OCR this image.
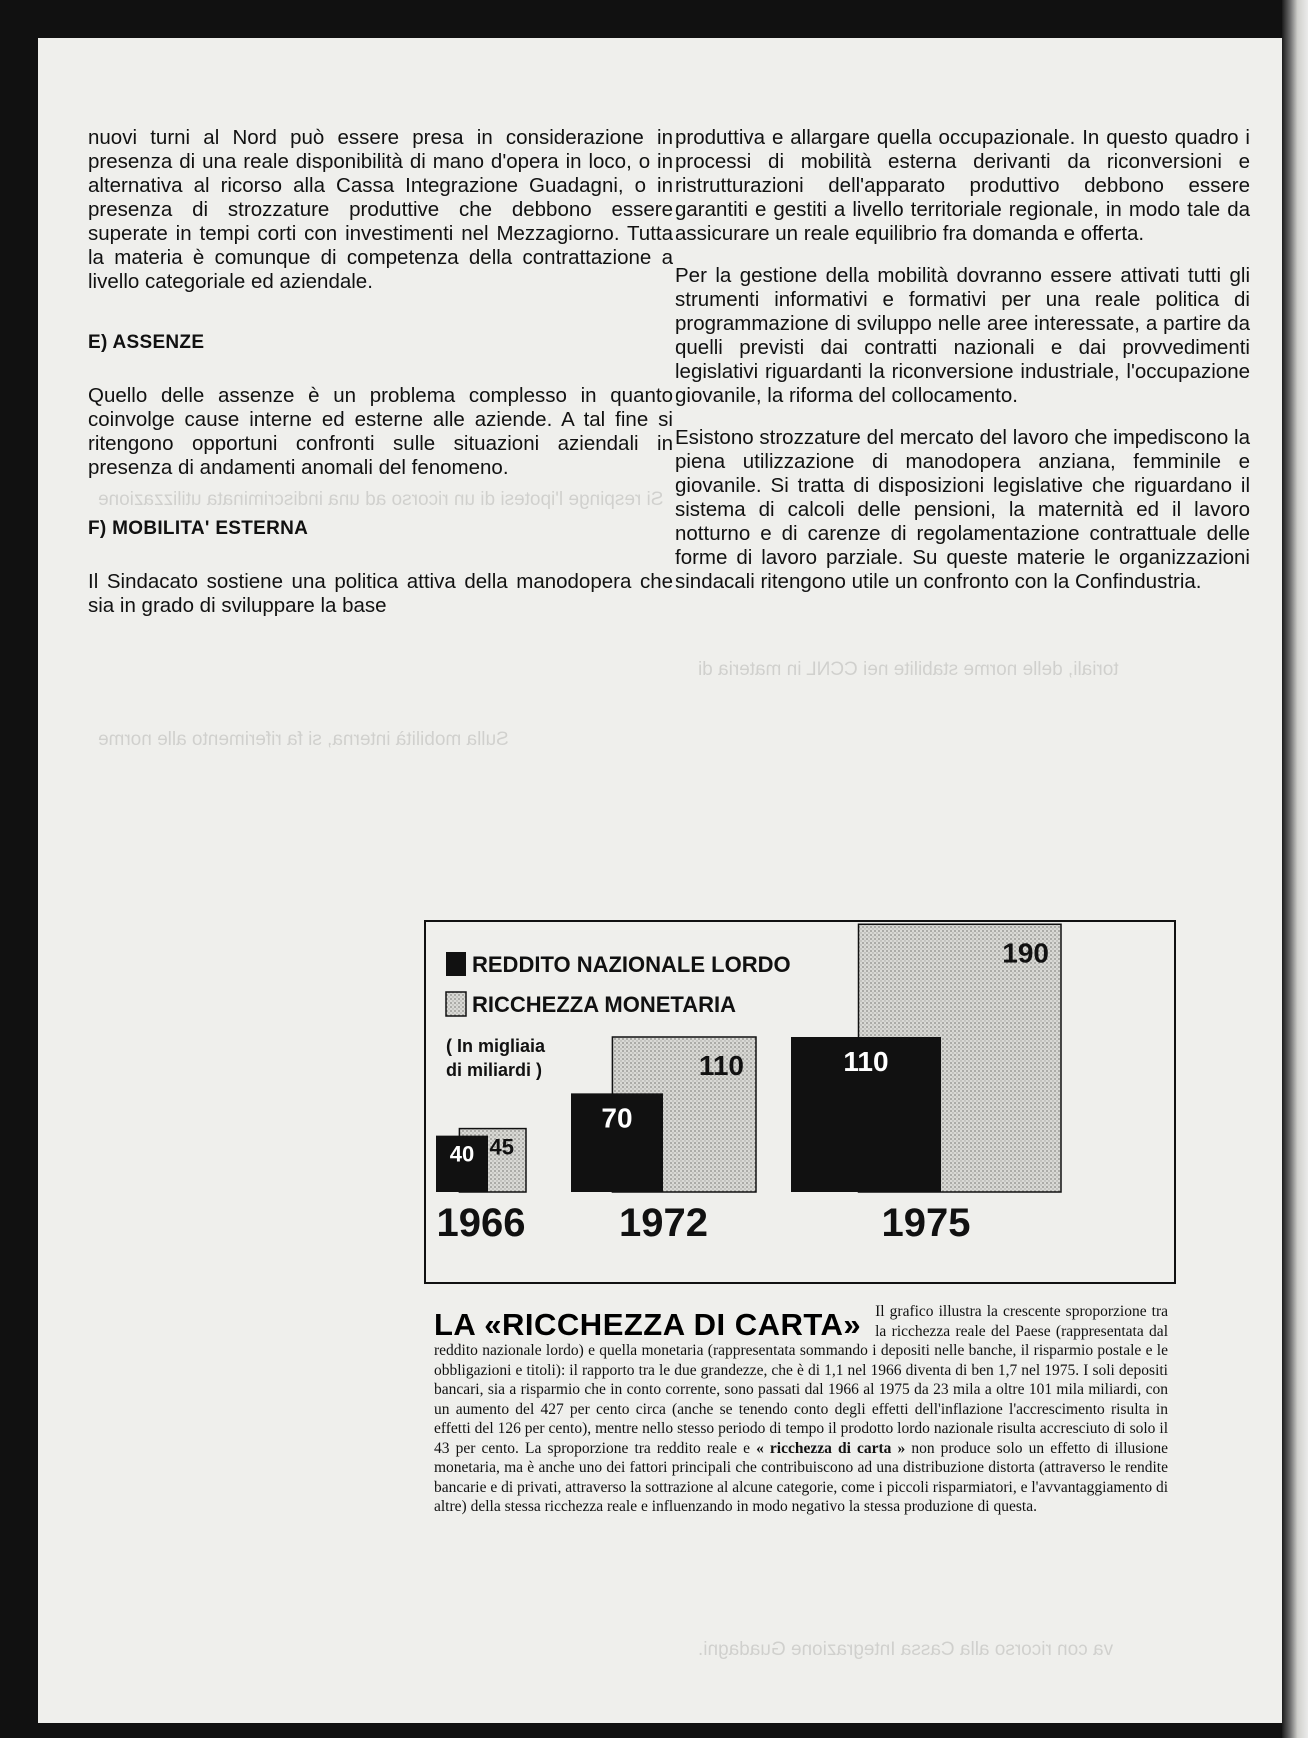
Si respinge l'ipotesi di un ricorso ad una indiscriminata utilizzazione
Sulla mobilità interna, si fa riferimento alle norme
toriali, delle norme stabilite nei CCNL in materia di
va con ricorso alla Cassa Integrazione Guadagni.

nuovi turni al Nord può essere presa in considerazione in presenza di una reale disponibilità di mano d'opera in loco, o in alternativa al ricorso alla Cassa Integrazione Guadagni, o in presenza di strozzature produttive che debbono essere superate in tempi corti con investimenti nel Mezzagiorno. Tutta la materia è comunque di competenza della contrattazione a livello categoriale ed aziendale.

E) ASSENZE

Quello delle assenze è un problema complesso in quanto coinvolge cause interne ed esterne alle aziende. A tal fine si ritengono opportuni confronti sulle situazioni aziendali in presenza di andamenti anomali del fenomeno.

F) MOBILITA' ESTERNA

Il Sindacato sostiene una politica attiva della manodopera che sia in grado di sviluppare la base

produttiva e allargare quella occupazionale. In questo quadro i processi di mobilità esterna derivanti da riconversioni e ristrutturazioni dell'apparato produttivo debbono essere garantiti e gestiti a livello territoriale regionale, in modo tale da assicurare un reale equilibrio fra domanda e offerta.

Per la gestione della mobilità dovranno essere attivati tutti gli strumenti informativi e formativi per una reale politica di programmazione di sviluppo nelle aree interessate, a partire da quelli previsti dai contratti nazionali e dai provvedimenti legislativi riguardanti la riconversione industriale, l'occupazione giovanile, la riforma del collocamento.

Esistono strozzature del mercato del lavoro che impediscono la piena utilizzazione di manodopera anziana, femminile e giovanile. Si tratta di disposizioni legislative che riguardano il sistema di calcoli delle pensioni, la maternità ed il lavoro notturno e di carenze di regolamentazione contrattuale delle forme di lavoro parziale. Su queste materie le organizzazioni sindacali ritengono utile un confronto con la Confindustria.

REDDITO NAZIONALE LORDO
RICCHEZZA MONETARIA
( In migliaia
di miliardi )
45
40
1966
110
70
1972
190
110
1975
LA «RICCHEZZA DI CARTA» Il grafico illustra la crescente sproporzione tra la ricchezza reale del Paese (rappresentata dal reddito nazionale lordo) e quella monetaria (rappresentata sommando i depositi nelle banche, il risparmio postale e le obbligazioni e titoli): il rapporto tra le due grandezze, che è di 1,1 nel 1966 diventa di ben 1,7 nel 1975. I soli depositi bancari, sia a risparmio che in conto corrente, sono passati dal 1966 al 1975 da 23 mila a oltre 101 mila miliardi, con un aumento del 427 per cento circa (anche se tenendo conto degli effetti dell'inflazione l'accrescimento risulta in effetti del 126 per cento), mentre nello stesso periodo di tempo il prodotto lordo nazionale risulta accresciuto di solo il 43 per cento. La sproporzione tra reddito reale e « ricchezza di carta » non produce solo un effetto di illusione monetaria, ma è anche uno dei fattori principali che contribuiscono ad una distribuzione distorta (attraverso le rendite bancarie e di privati, attraverso la sottrazione al alcune categorie, come i piccoli risparmiatori, e l'avvantaggiamento di altre) della stessa ricchezza reale e influenzando in modo negativo la stessa produzione di questa.
